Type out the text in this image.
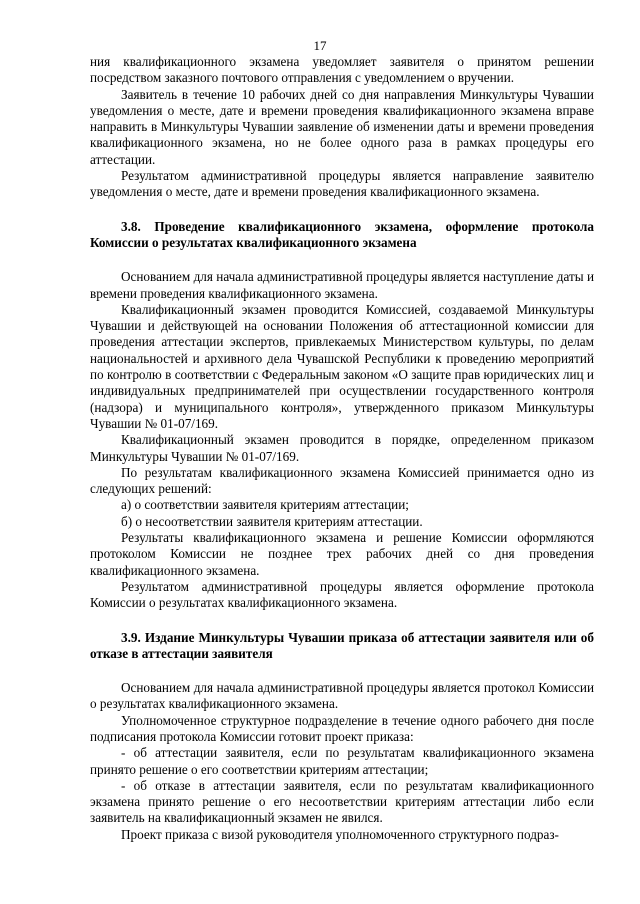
17

ния квалификационного экзамена уведомляет заявителя о принятом решении посредством заказного почтового отправления с уведомлением о вручении.

Заявитель в течение 10 рабочих дней со дня направления Минкультуры Чувашии уведомления о месте, дате и времени проведения квалификационного экзамена вправе направить в Минкультуры Чувашии заявление об изменении даты и времени проведения квалификационного экзамена, но не более одного раза в рамках процедуры его аттестации.

Результатом административной процедуры является направление заявителю уведомления о месте, дате и времени проведения квалификационного экзамена.

3.8. Проведение квалификационного экзамена, оформление протокола Комиссии о результатах квалификационного экзамена

Основанием для начала административной процедуры является наступление даты и времени проведения квалификационного экзамена.

Квалификационный экзамен проводится Комиссией, создаваемой Минкультуры Чувашии и действующей на основании Положения об аттестационной комиссии для проведения аттестации экспертов, привлекаемых Министерством культуры, по делам национальностей и архивного дела Чувашской Республики к проведению мероприятий по контролю в соответствии с Федеральным законом «О защите прав юридических лиц и индивидуальных предпринимателей при осуществлении государственного контроля (надзора) и муниципального контроля», утвержденного приказом Минкультуры Чувашии № 01-07/169.

Квалификационный экзамен проводится в порядке, определенном приказом Минкультуры Чувашии № 01-07/169.

По результатам квалификационного экзамена Комиссией принимается одно из следующих решений:

а) о соответствии заявителя критериям аттестации;

б) о несоответствии заявителя критериям аттестации.

Результаты квалификационного экзамена и решение Комиссии оформляются протоколом Комиссии не позднее трех рабочих дней со дня проведения квалификационного экзамена.

Результатом административной процедуры является оформление протокола Комиссии о результатах квалификационного экзамена.

3.9. Издание Минкультуры Чувашии приказа об аттестации заявителя или об отказе в аттестации заявителя

Основанием для начала административной процедуры является протокол Комиссии о результатах квалификационного экзамена.

Уполномоченное структурное подразделение в течение одного рабочего дня после подписания протокола Комиссии готовит проект приказа:

- об аттестации заявителя, если по результатам квалификационного экзамена принято решение о его соответствии критериям аттестации;

- об отказе в аттестации заявителя, если по результатам квалификационного экзамена принято решение о его несоответствии критериям аттестации либо если заявитель на квалификационный экзамен не явился.

Проект приказа с визой руководителя уполномоченного структурного подраз-
